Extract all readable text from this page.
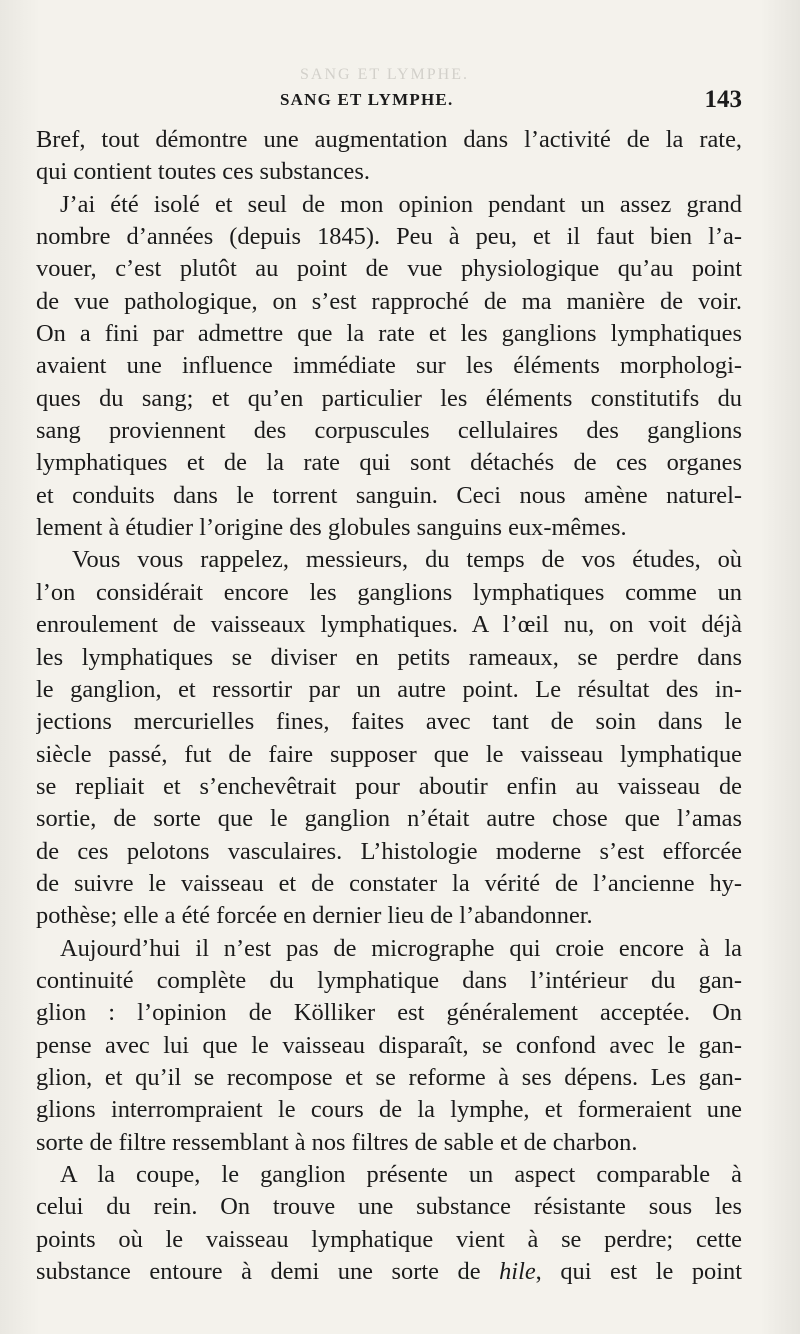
SANG ET LYMPHE.
SANG ET LYMPHE.	143
Bref, tout démontre une augmentation dans l’activité de la rate,
qui contient toutes ces substances.
J’ai été isolé et seul de mon opinion pendant un assez grand
nombre d’années (depuis 1845). Peu à peu, et il faut bien l’a-
vouer, c’est plutôt au point de vue physiologique qu’au point
de vue pathologique, on s’est rapproché de ma manière de voir.
On a fini par admettre que la rate et les ganglions lymphatiques
avaient une influence immédiate sur les éléments morphologi-
ques du sang; et qu’en particulier les éléments constitutifs du
sang proviennent des corpuscules cellulaires des ganglions
lymphatiques et de la rate qui sont détachés de ces organes
et conduits dans le torrent sanguin. Ceci nous amène naturel-
lement à étudier l’origine des globules sanguins eux-mêmes.
Vous vous rappelez, messieurs, du temps de vos études, où
l’on considérait encore les ganglions lymphatiques comme un
enroulement de vaisseaux lymphatiques. A l’œil nu, on voit déjà
les lymphatiques se diviser en petits rameaux, se perdre dans
le ganglion, et ressortir par un autre point. Le résultat des in-
jections mercurielles fines, faites avec tant de soin dans le
siècle passé, fut de faire supposer que le vaisseau lymphatique
se repliait et s’enchevêtrait pour aboutir enfin au vaisseau de
sortie, de sorte que le ganglion n’était autre chose que l’amas
de ces pelotons vasculaires. L’histologie moderne s’est efforcée
de suivre le vaisseau et de constater la vérité de l’ancienne hy-
pothèse; elle a été forcée en dernier lieu de l’abandonner.
Aujourd’hui il n’est pas de micrographe qui croie encore à la
continuité complète du lymphatique dans l’intérieur du gan-
glion : l’opinion de Kölliker est généralement acceptée. On
pense avec lui que le vaisseau disparaît, se confond avec le gan-
glion, et qu’il se recompose et se reforme à ses dépens. Les gan-
glions interrompraient le cours de la lymphe, et formeraient une
sorte de filtre ressemblant à nos filtres de sable et de charbon.
A la coupe, le ganglion présente un aspect comparable à
celui du rein. On trouve une substance résistante sous les
points où le vaisseau lymphatique vient à se perdre; cette
substance entoure à demi une sorte de hile, qui est le point
